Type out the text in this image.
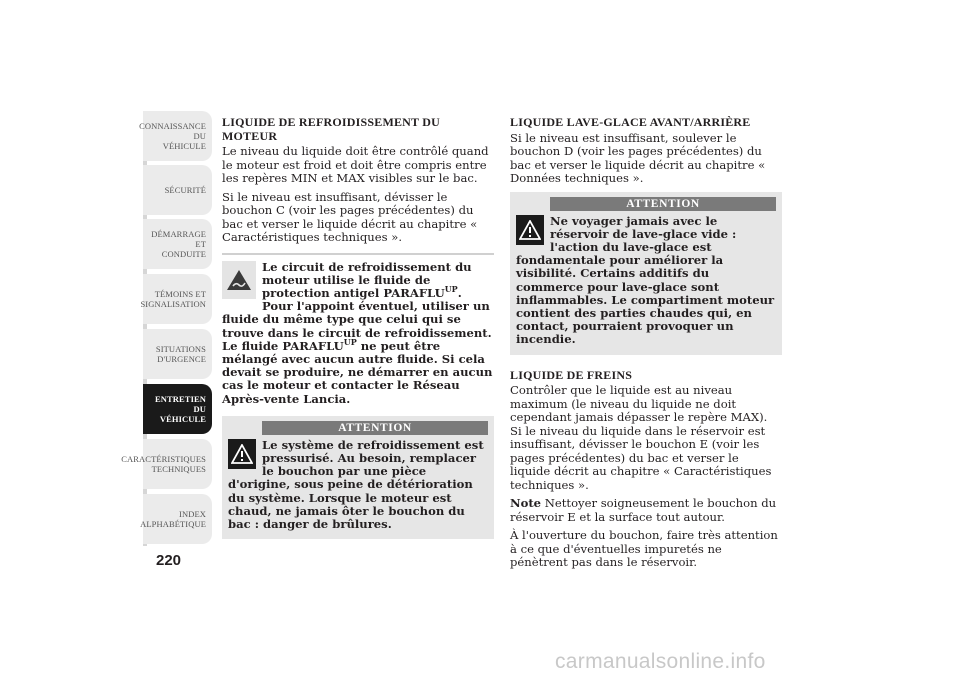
CONNAISSANCE DU
VÉHICULE
SÉCURITÉ
DÉMARRAGE ET
CONDUITE
TÉMOINS ET
SIGNALISATION
SITUATIONS
D'URGENCE
ENTRETIEN DU
VÉHICULE
CARACTÉRISTIQUES
TECHNIQUES
INDEX
ALPHABÉTIQUE
220
LIQUIDE DE REFROIDISSEMENT DU MOTEUR
Le niveau du liquide doit être contrôlé quand le moteur est froid et doit être compris entre les repères MIN et MAX visibles sur le bac.
Si le niveau est insuffisant, dévisser le bouchon C (voir les pages précédentes) du bac et verser le liquide décrit au chapitre « Caractéristiques techniques ».
Le circuit de refroidissement du moteur utilise le fluide de protection antigel $PARAFLU^{UP}$. Pour l'appoint éventuel, utiliser un fluide du même type que celui qui se trouve dans le circuit de refroidissement. Le fluide $PARAFLU^{UP}$ ne peut être mélangé avec aucun autre fluide. Si cela devait se produire, ne démarrer en aucun cas le moteur et contacter le Réseau Après-vente Lancia.
ATTENTION
Le système de refroidissement est pressurisé. Au besoin, remplacer le bouchon par une pièce d'origine, sous peine de détérioration du système. Lorsque le moteur est chaud, ne jamais ôter le bouchon du bac : danger de brûlures.
LIQUIDE LAVE-GLACE AVANT/ARRIÈRE
Si le niveau est insuffisant, soulever le bouchon D (voir les pages précédentes) du bac et verser le liquide décrit au chapitre « Données techniques ».
ATTENTION
Ne voyager jamais avec le réservoir de lave-glace vide : l'action du lave-glace est fondamentale pour améliorer la visibilité. Certains additifs du commerce pour lave-glace sont inflammables. Le compartiment moteur contient des parties chaudes qui, en contact, pourraient provoquer un incendie.
LIQUIDE DE FREINS
Contrôler que le liquide est au niveau maximum (le niveau du liquide ne doit cependant jamais dépasser le repère MAX). Si le niveau du liquide dans le réservoir est insuffisant, dévisser le bouchon E (voir les pages précédentes) du bac et verser le liquide décrit au chapitre « Caractéristiques techniques ».
Note Nettoyer soigneusement le bouchon du réservoir E et la surface tout autour.
À l'ouverture du bouchon, faire très attention à ce que d'éventuelles impuretés ne pénètrent pas dans le réservoir.
carmanualsonline.info
